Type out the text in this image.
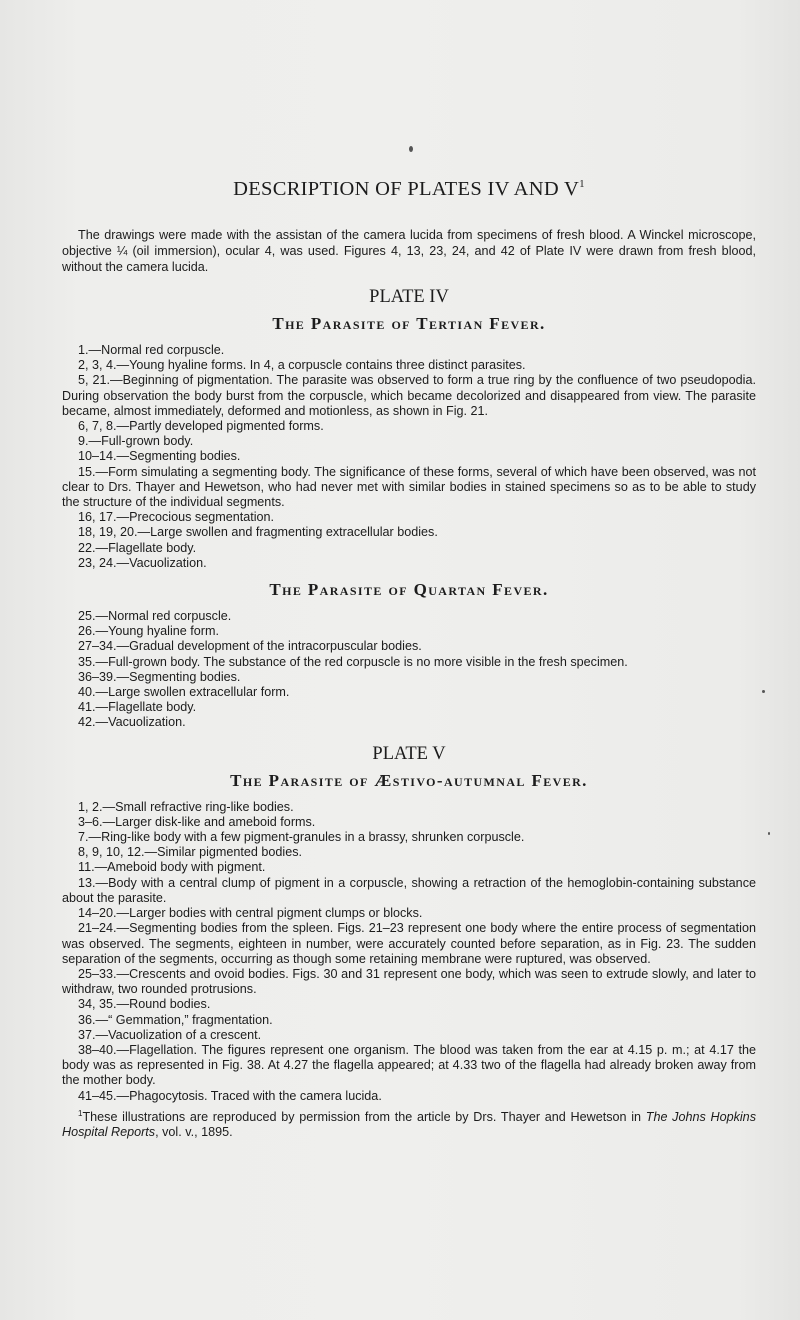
DESCRIPTION OF PLATES IV AND $V^1$

The drawings were made with the assistan of the camera lucida from specimens of fresh blood. A Winckel microscope, objective ¼ (oil immersion), ocular 4, was used. Figures 4, 13, 23, 24, and 42 of Plate IV were drawn from fresh blood, without the camera lucida.

PLATE IV
The Parasite of Tertian Fever.

1.—Normal red corpuscle.

2, 3, 4.—Young hyaline forms. In 4, a corpuscle contains three distinct parasites.

5, 21.—Beginning of pigmentation. The parasite was observed to form a true ring by the confluence of two pseudopodia. During observation the body burst from the corpuscle, which became decolorized and disappeared from view. The parasite became, almost immediately, deformed and motionless, as shown in Fig. 21.

6, 7, 8.—Partly developed pigmented forms.

9.—Full-grown body.

10–14.—Segmenting bodies.

15.—Form simulating a segmenting body. The significance of these forms, several of which have been observed, was not clear to Drs. Thayer and Hewetson, who had never met with similar bodies in stained specimens so as to be able to study the structure of the individual segments.

16, 17.—Precocious segmentation.

18, 19, 20.—Large swollen and fragmenting extracellular bodies.

22.—Flagellate body.

23, 24.—Vacuolization.

The Parasite of Quartan Fever.

25.—Normal red corpuscle.

26.—Young hyaline form.

27–34.—Gradual development of the intracorpuscular bodies.

35.—Full-grown body. The substance of the red corpuscle is no more visible in the fresh specimen.

36–39.—Segmenting bodies.

40.—Large swollen extracellular form.

41.—Flagellate body.

42.—Vacuolization.

PLATE V
The Parasite of Æstivo-autumnal Fever.

1, 2.—Small refractive ring-like bodies.

3–6.—Larger disk-like and ameboid forms.

7.—Ring-like body with a few pigment-granules in a brassy, shrunken corpuscle.

8, 9, 10, 12.—Similar pigmented bodies.

11.—Ameboid body with pigment.

13.—Body with a central clump of pigment in a corpuscle, showing a retraction of the hemoglobin-containing substance about the parasite.

14–20.—Larger bodies with central pigment clumps or blocks.

21–24.—Segmenting bodies from the spleen. Figs. 21–23 represent one body where the entire process of segmentation was observed. The segments, eighteen in number, were accurately counted before separation, as in Fig. 23. The sudden separation of the segments, occurring as though some retaining membrane were ruptured, was observed.

25–33.—Crescents and ovoid bodies. Figs. 30 and 31 represent one body, which was seen to extrude slowly, and later to withdraw, two rounded protrusions.

34, 35.—Round bodies.

36.—“ Gemmation,” fragmentation.

37.—Vacuolization of a crescent.

38–40.—Flagellation. The figures represent one organism. The blood was taken from the ear at 4.15 p. m.; at 4.17 the body was as represented in Fig. 38. At 4.27 the flagella appeared; at 4.33 two of the flagella had already broken away from the mother body.

41–45.—Phagocytosis. Traced with the camera lucida.

$^1$These illustrations are reproduced by permission from the article by Drs. Thayer and Hewetson in The Johns Hopkins Hospital Reports, vol. v., 1895.
